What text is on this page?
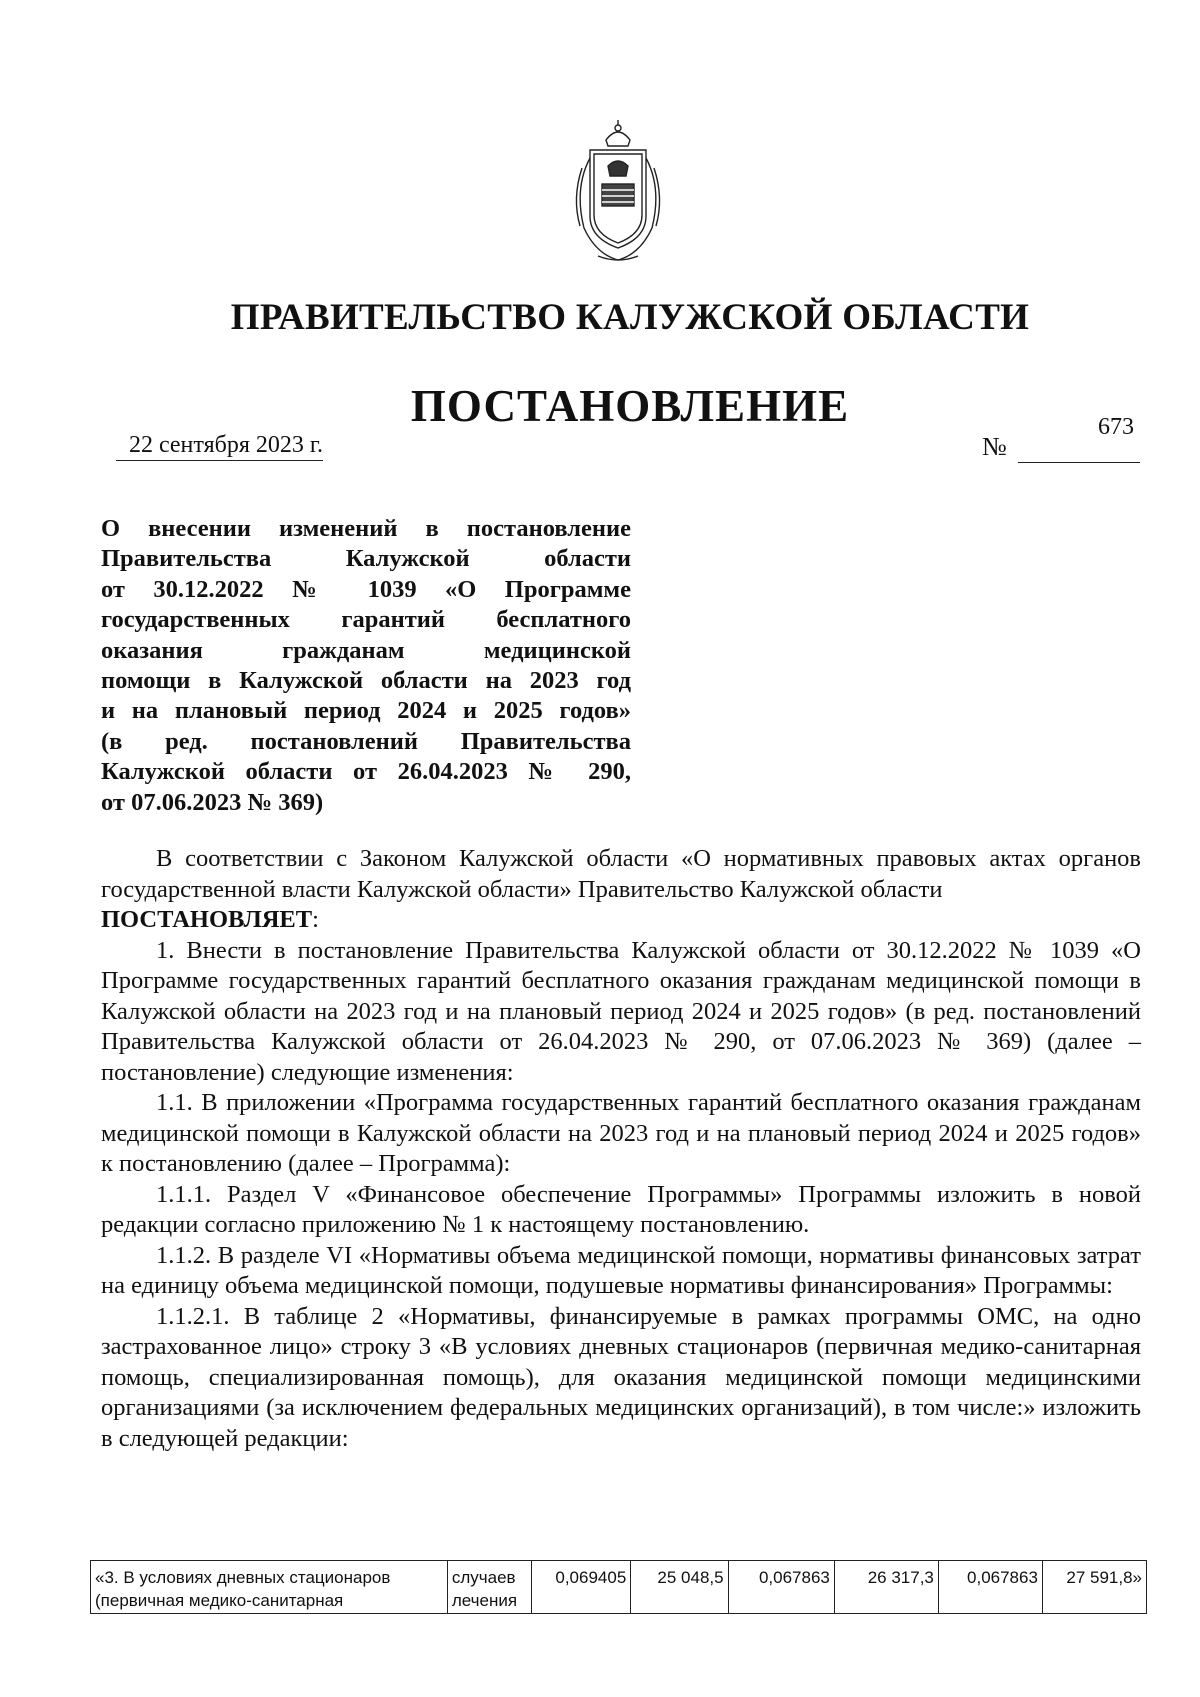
ПРАВИТЕЛЬСТВО КАЛУЖСКОЙ ОБЛАСТИ
ПОСТАНОВЛЕНИЕ
22 сентября 2023 г.	№
673
О внесении изменений в постановление
Правительства Калужской области
от 30.12.2022 № 1039 «О Программе
государственных гарантий бесплатного
оказания гражданам медицинской
помощи в Калужской области на 2023 год
и на плановый период 2024 и 2025 годов»
(в ред. постановлений Правительства
Калужской области от 26.04.2023 № 290,
от 07.06.2023 № 369)

В соответствии с Законом Калужской области «О нормативных правовых актах органов государственной власти Калужской области» Правительство Калужской области

ПОСТАНОВЛЯЕТ:

1. Внести в постановление Правительства Калужской области от 30.12.2022 № 1039 «О Программе государственных гарантий бесплатного оказания гражданам медицинской помощи в Калужской области на 2023 год и на плановый период 2024 и 2025 годов» (в ред. постановлений Правительства Калужской области от 26.04.2023 № 290, от 07.06.2023 № 369) (далее – постановление) следующие изменения:

1.1. В приложении «Программа государственных гарантий бесплатного оказания гражданам медицинской помощи в Калужской области на 2023 год и на плановый период 2024 и 2025 годов» к постановлению (далее – Программа):

1.1.1. Раздел V «Финансовое обеспечение Программы» Программы изложить в новой редакции согласно приложению № 1 к настоящему постановлению.

1.1.2. В разделе VI «Нормативы объема медицинской помощи, нормативы финансовых затрат на единицу объема медицинской помощи, подушевые нормативы финансирования» Программы:

1.1.2.1. В таблице 2 «Нормативы, финансируемые в рамках программы ОМС, на одно застрахованное лицо» строку 3 «В условиях дневных стационаров (первичная медико-санитарная помощь, специализированная помощь), для оказания медицинской помощи медицинскими организациями (за исключением федеральных медицинских организаций), в том числе:» изложить в следующей редакции:

«3. В условиях дневных стационаров (первичная медико-санитарная	случаев лечения	0,069405	25 048,5	0,067863	26 317,3	0,067863	27 591,8»
